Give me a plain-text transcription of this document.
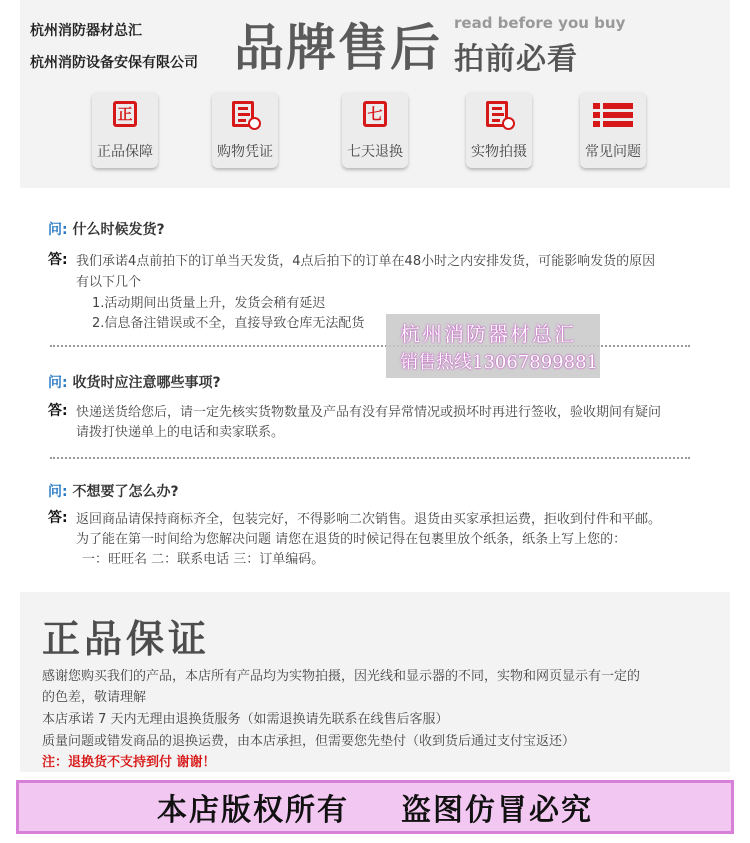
杭州消防器材总汇
杭州消防设备安保有限公司 品牌售后 read before you buy
拍前必看
正
正品保障	购物凭证
七
七天退换	实物拍摄	常见问题
问: 什么时候发货?
答: 我们承诺4点前拍下的订单当天发货，4点后拍下的订单在48小时之内安排发货，可能影响发货的原因
有以下几个
1.活动期间出货量上升，发货会稍有延迟
2.信息备注错误或不全，直接导致仓库无法配货
问: 收货时应注意哪些事项?
答: 快递送货给您后，请一定先核实货物数量及产品有没有异常情况或损坏时再进行签收，验收期间有疑问
请拨打快递单上的电话和卖家联系。
问: 不想要了怎么办?
答: 返回商品请保持商标齐全，包装完好，不得影响二次销售。退货由买家承担运费，拒收到付件和平邮。
为了能在第一时间给为您解决问题 请您在退货的时候记得在包裹里放个纸条，纸条上写上您的：
一：旺旺名 二：联系电话 三：订单编码。
杭州消防器材总汇
销售热线13067899881
正品保证
感谢您购买我们的产品，本店所有产品均为实物拍摄，因光线和显示器的不同，实物和网页显示有一定的
的色差，敬请理解
本店承诺 7 天内无理由退换货服务（如需退换请先联系在线售后客服）
质量问题或错发商品的退换运费，由本店承担，但需要您先垫付（收到货后通过支付宝返还）
注：退换货不支持到付 谢谢！
本店版权所有 盗图仿冒必究
